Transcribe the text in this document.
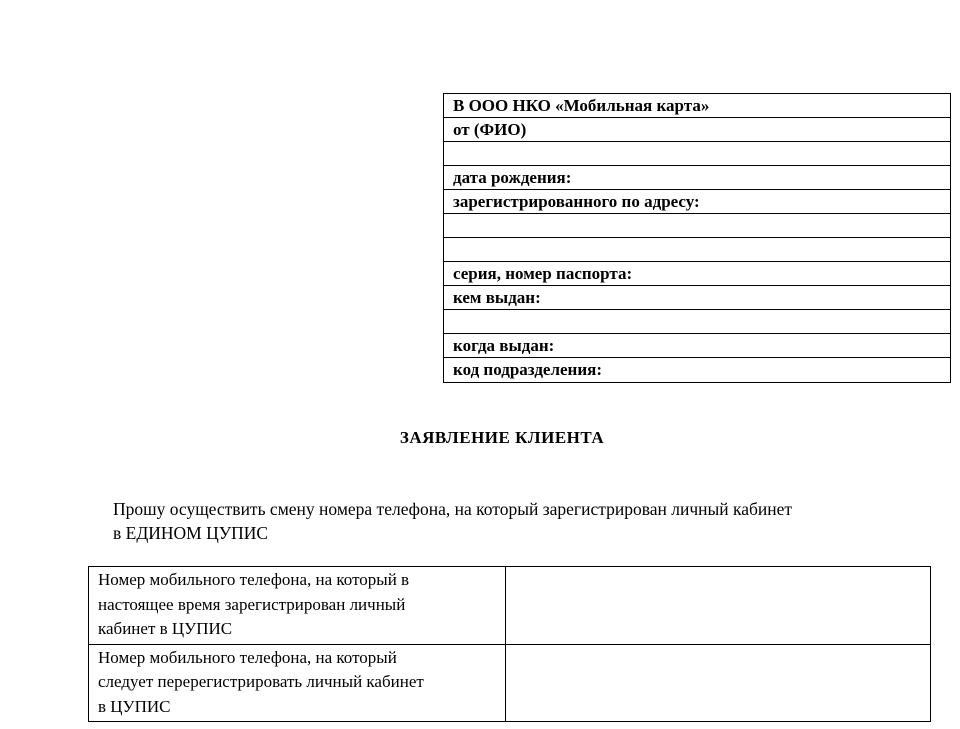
В ООО НКО «Мобильная карта»
от (ФИО)
дата рождения:
зарегистрированного по адресу:
серия, номер паспорта:
кем выдан:
когда выдан:
код подразделения:
ЗАЯВЛЕНИЕ КЛИЕНТА
Прошу осуществить смену номера телефона, на который зарегистрирован личный кабинет
в ЕДИНОМ ЦУПИС
Номер мобильного телефона, на который в
настоящее время зарегистрирован личный
кабинет в ЦУПИС	

Номер мобильного телефона, на который
следует перерегистрировать личный кабинет
в ЦУПИС	
